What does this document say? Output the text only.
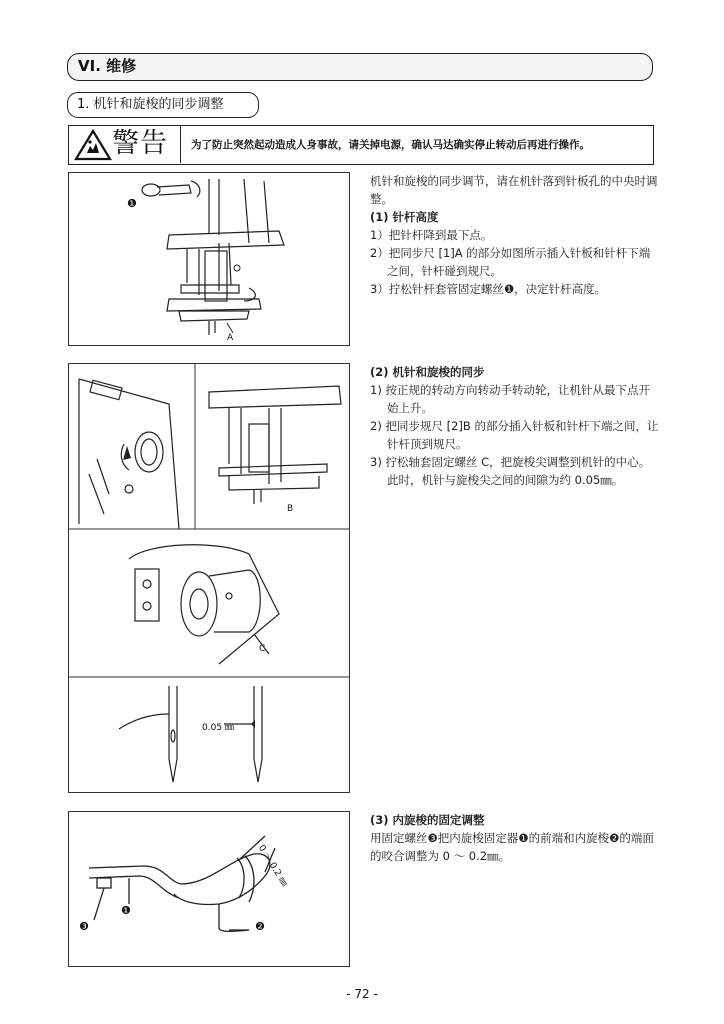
VI. 维修
1. 机针和旋梭的同步调整
警告 为了防止突然起动造成人身事故，请关掉电源，确认马达确实停止转动后再进行操作。
❶
A

机针和旋梭的同步调节，请在机针落到针板孔的中央时调整。

(1) 针杆高度

1）把针杆降到最下点。

2）把同步尺 [1]A 的部分如图所示插入针板和针杆下端之间，针杆碰到规尺。

3）拧松针杆套管固定螺丝❶，决定针杆高度。

B
C
0.05 ㎜

(2) 机针和旋梭的同步

1) 按正规的转动方向转动手转动轮，让机针从最下点开始上升。

2) 把同步规尺 [2]B 的部分插入针板和针杆下端之间，让针杆顶到规尺。

3) 拧松轴套固定螺丝 C，把旋梭尖调整到机针的中心。

此时，机针与旋梭尖之间的间隙为约 0.05㎜。

0 ～ 0.2 ㎜
❶
❷
❸

(3) 内旋梭的固定调整

用固定螺丝❸把内旋梭固定器❶的前端和内旋梭❷的端面的咬合调整为 0 ～ 0.2㎜。

- 72 -
